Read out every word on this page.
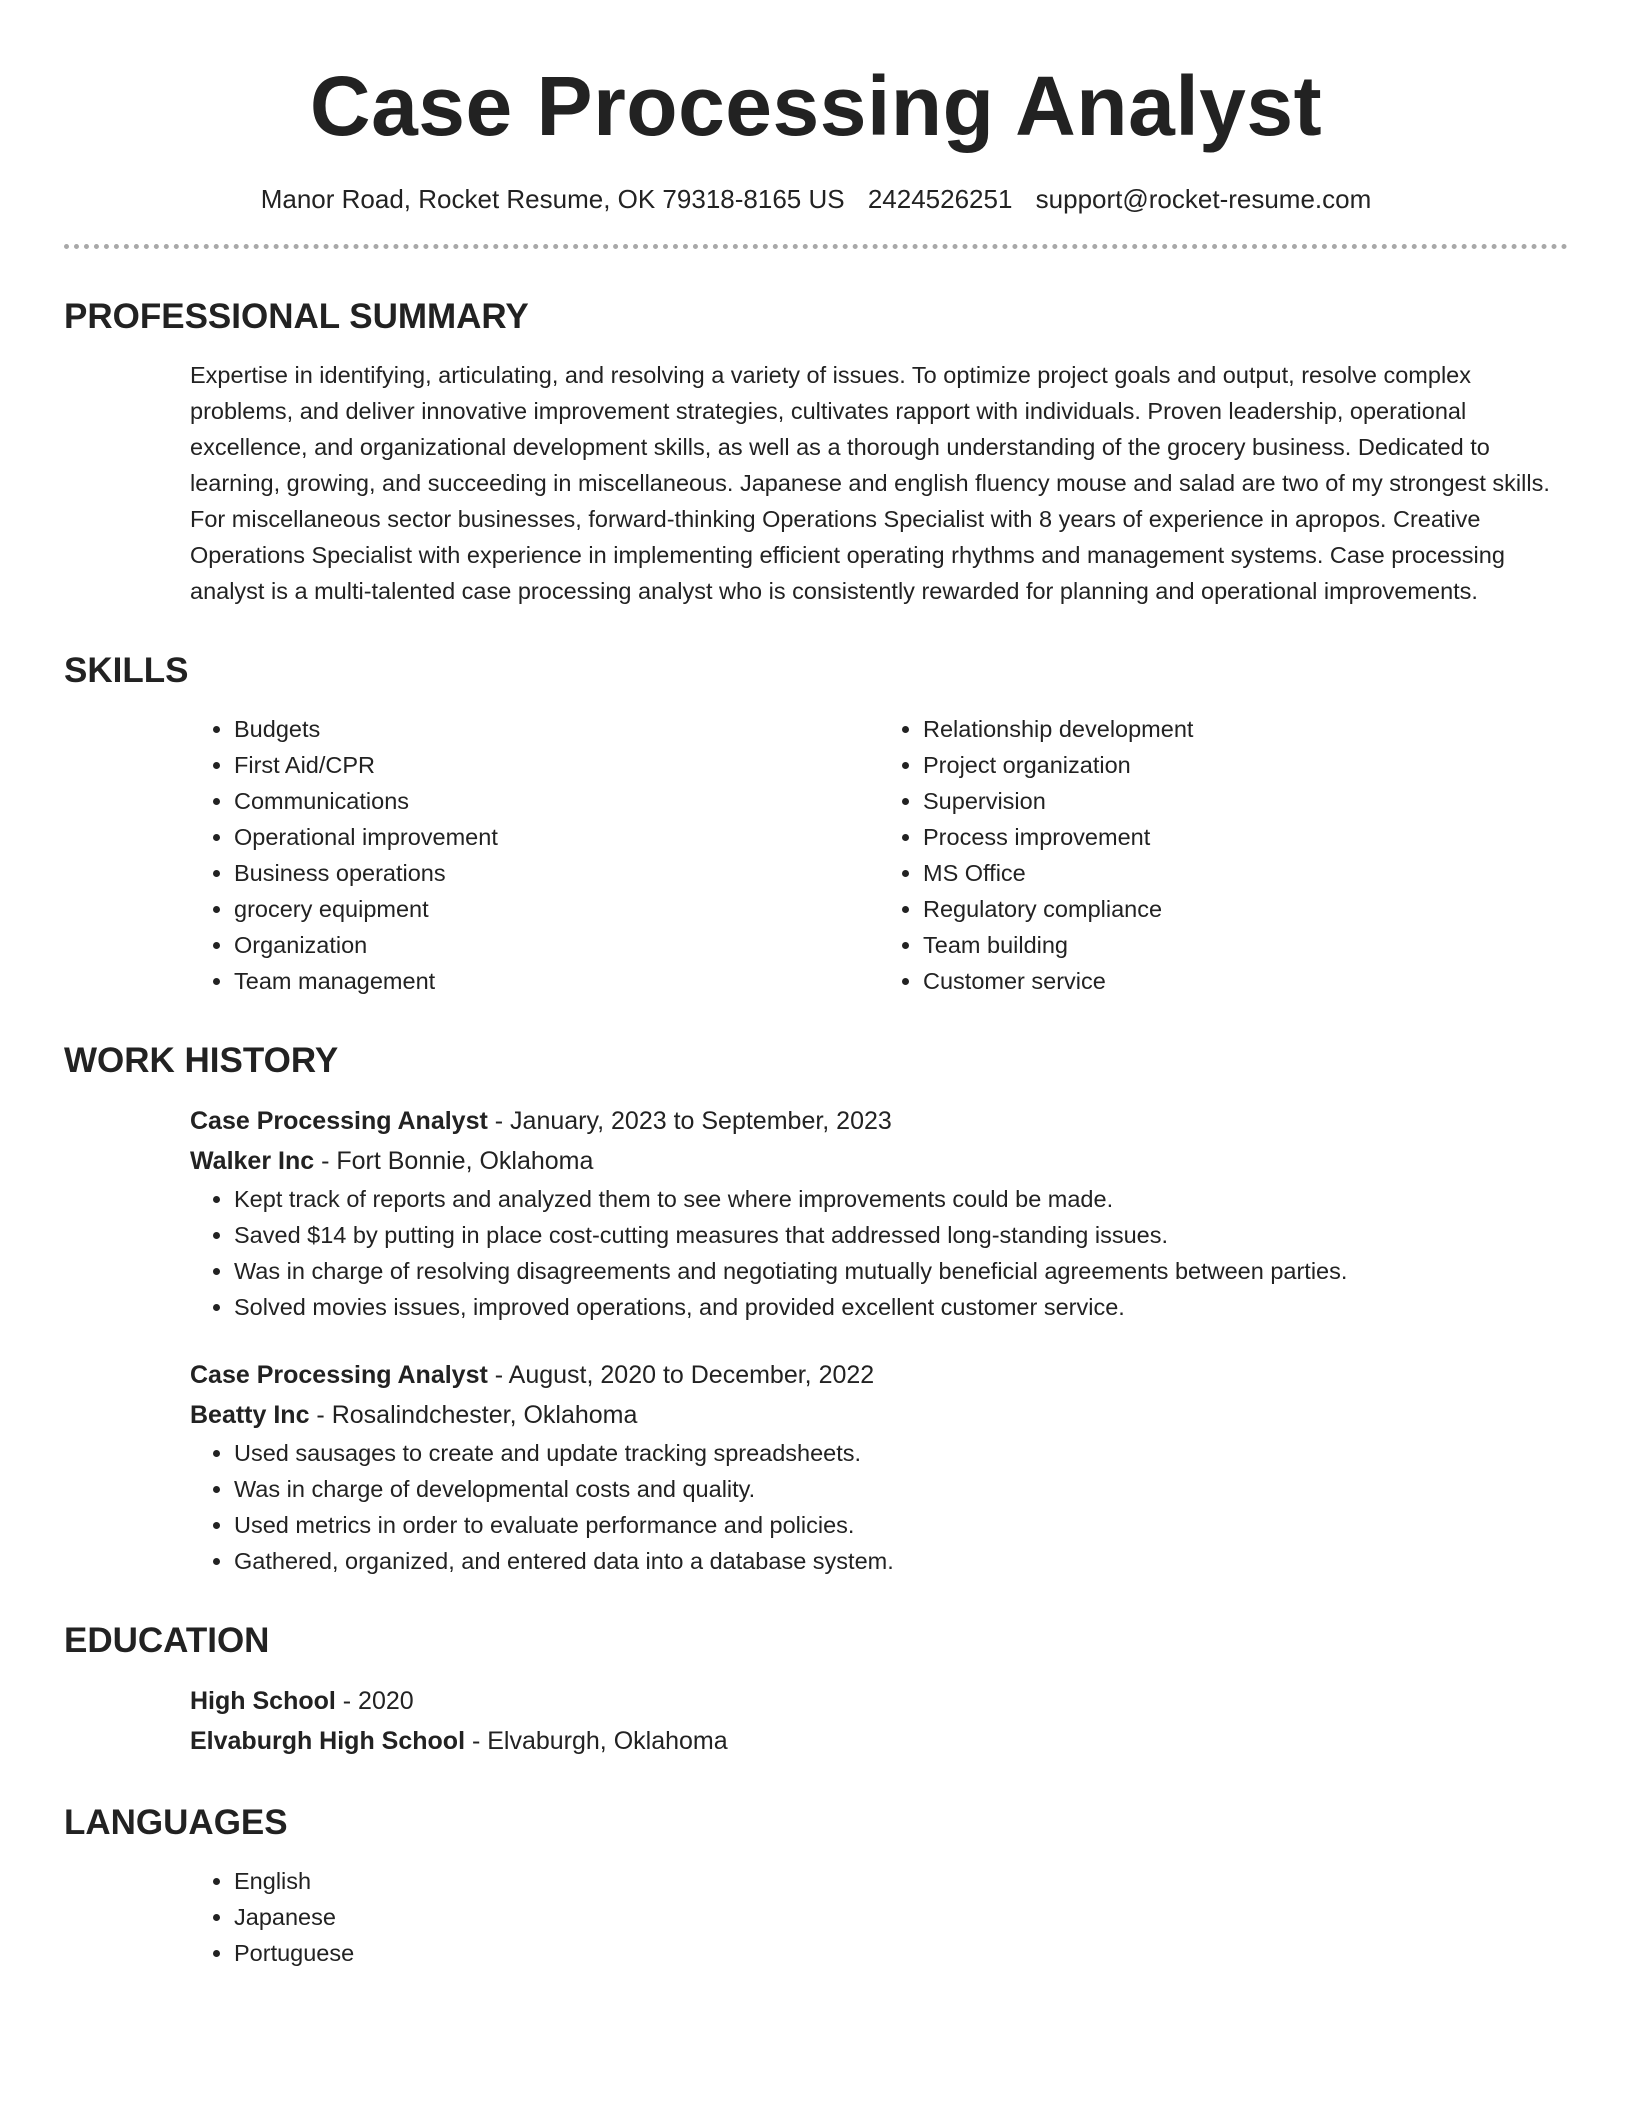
Case Processing Analyst
Manor Road, Rocket Resume, OK 79318-8165 US 2424526251 support@rocket-resume.com
PROFESSIONAL SUMMARY

Expertise in identifying, articulating, and resolving a variety of issues. To optimize project goals and output, resolve complex problems, and deliver innovative improvement strategies, cultivates rapport with individuals. Proven leadership, operational excellence, and organizational development skills, as well as a thorough understanding of the grocery business. Dedicated to learning, growing, and succeeding in miscellaneous. Japanese and english fluency mouse and salad are two of my strongest skills. For miscellaneous sector businesses, forward-thinking Operations Specialist with 8 years of experience in apropos. Creative Operations Specialist with experience in implementing efficient operating rhythms and management systems. Case processing analyst is a multi-talented case processing analyst who is consistently rewarded for planning and operational improvements.

SKILLS
• Budgets
• First Aid/CPR
• Communications
• Operational improvement
• Business operations
• grocery equipment
• Organization
• Team management
• Relationship development
• Project organization
• Supervision
• Process improvement
• MS Office
• Regulatory compliance
• Team building
• Customer service
WORK HISTORY
Case Processing Analyst - January, 2023 to September, 2023
Walker Inc - Fort Bonnie, Oklahoma
• Kept track of reports and analyzed them to see where improvements could be made.
• Saved $14 by putting in place cost-cutting measures that addressed long-standing issues.
• Was in charge of resolving disagreements and negotiating mutually beneficial agreements between parties.
• Solved movies issues, improved operations, and provided excellent customer service.
Case Processing Analyst - August, 2020 to December, 2022
Beatty Inc - Rosalindchester, Oklahoma
• Used sausages to create and update tracking spreadsheets.
• Was in charge of developmental costs and quality.
• Used metrics in order to evaluate performance and policies.
• Gathered, organized, and entered data into a database system.
EDUCATION
High School - 2020
Elvaburgh High School - Elvaburgh, Oklahoma
LANGUAGES
• English
• Japanese
• Portuguese
